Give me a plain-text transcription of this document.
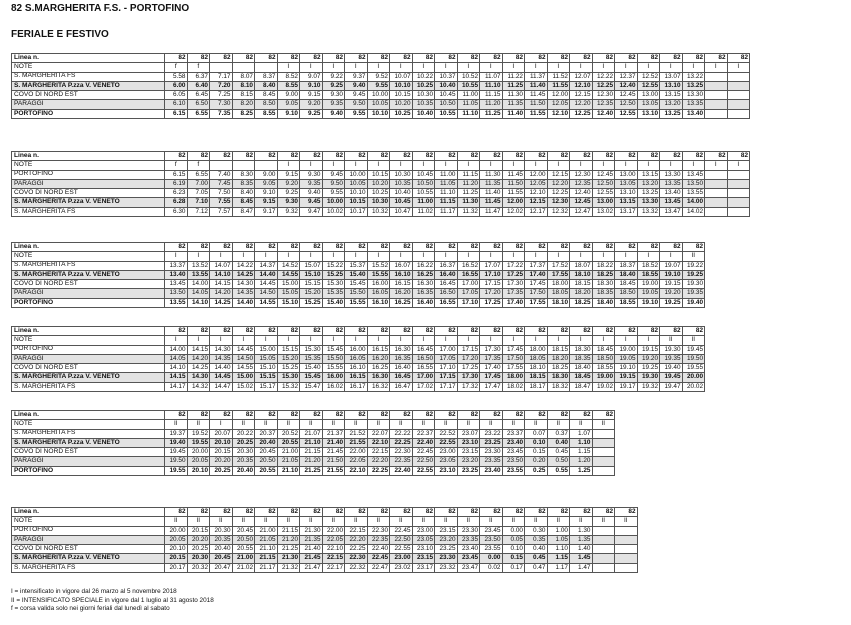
82 S.MARGHERITA F.S. - PORTOFINO
FERIALE E FESTIVO
Linea n.	82	82	82	82	82	82	82	82	82	82	82	82	82	82	82	82	82	82	82	82	82	82	82	82	82	82
NOTE	f	f				I	I	I	I	I	I	I	I	I	I	I	I	I	I	I	I	I	I	I	I	I
S. MARGHERITA FS	5.58	6.37	7.17	8.07	8.37	8.52	9.07	9.22	9.37	9.52	10.07	10.22	10.37	10.52	11.07	11.22	11.37	11.52	12.07	12.22	12.37	12.52	13.07	13.22		
S. MARGHERITA P.zza V. VENETO	6.00	6.40	7.20	8.10	8.40	8.55	9.10	9.25	9.40	9.55	10.10	10.25	10.40	10.55	11.10	11.25	11.40	11.55	12.10	12.25	12.40	12.55	13.10	13.25		
COVO DI NORD EST	6.05	6.45	7.25	8.15	8.45	9.00	9.15	9.30	9.45	10.00	10.15	10.30	10.45	11.00	11.15	11.30	11.45	12.00	12.15	12.30	12.45	13.00	13.15	13.30		
PARAGGI	6.10	6.50	7.30	8.20	8.50	9.05	9.20	9.35	9.50	10.05	10.20	10.35	10.50	11.05	11.20	11.35	11.50	12.05	12.20	12.35	12.50	13.05	13.20	13.35		
PORTOFINO	6.15	6.55	7.35	8.25	8.55	9.10	9.25	9.40	9.55	10.10	10.25	10.40	10.55	11.10	11.25	11.40	11.55	12.10	12.25	12.40	12.55	13.10	13.25	13.40		
Linea n.	82	82	82	82	82	82	82	82	82	82	82	82	82	82	82	82	82	82	82	82	82	82	82	82	82	82
NOTE	f	f				I	I	I	I	I	I	I	I	I	I	I	I	I	I	I	I	I	I	I	I	I
PORTOFINO	6.15	6.55	7.40	8.30	9.00	9.15	9.30	9.45	10.00	10.15	10.30	10.45	11.00	11.15	11.30	11.45	12.00	12.15	12.30	12.45	13.00	13.15	13.30	13.45		
PARAGGI	6.19	7.00	7.45	8.35	9.05	9.20	9.35	9.50	10.05	10.20	10.35	10.50	11.05	11.20	11.35	11.50	12.05	12.20	12.35	12.50	13.05	13.20	13.35	13.50		
COVO DI NORD EST	6.23	7.05	7.50	8.40	9.10	9.25	9.40	9.55	10.10	10.25	10.40	10.55	11.10	11.25	11.40	11.55	12.10	12.25	12.40	12.55	13.10	13.25	13.40	13.55		
S. MARGHERITA P.zza V. VENETO	6.28	7.10	7.55	8.45	9.15	9.30	9.45	10.00	10.15	10.30	10.45	11.00	11.15	11.30	11.45	12.00	12.15	12.30	12.45	13.00	13.15	13.30	13.45	14.00		
S. MARGHERITA FS	6.30	7.12	7.57	8.47	9.17	9.32	9.47	10.02	10.17	10.32	10.47	11.02	11.17	11.32	11.47	12.02	12.17	12.32	12.47	13.02	13.17	13.32	13.47	14.02		
Linea n.	82	82	82	82	82	82	82	82	82	82	82	82	82	82	82	82	82	82	82	82	82	82	82	82
NOTE	I	I	I	I	I	I	I	I	I	I	I	I	I	I	I	I	I	I	I	I	I	I	I	II
S. MARGHERITA FS	13.37	13.52	14.07	14.22	14.37	14.52	15.07	15.22	15.37	15.52	16.07	16.22	16.37	16.52	17.07	17.22	17.37	17.52	18.07	18.22	18.37	18.52	19.07	19.22
S. MARGHERITA P.zza V. VENETO	13.40	13.55	14.10	14.25	14.40	14.55	15.10	15.25	15.40	15.55	16.10	16.25	16.40	16.55	17.10	17.25	17.40	17.55	18.10	18.25	18.40	18.55	19.10	19.25
COVO DI NORD EST	13.45	14.00	14.15	14.30	14.45	15.00	15.15	15.30	15.45	16.00	16.15	16.30	16.45	17.00	17.15	17.30	17.45	18.00	18.15	18.30	18.45	19.00	19.15	19.30
PARAGGI	13.50	14.05	14.20	14.35	14.50	15.05	15.20	15.35	15.50	16.05	16.20	16.35	16.50	17.05	17.20	17.35	17.50	18.05	18.20	18.35	18.50	19.05	19.20	19.35
PORTOFINO	13.55	14.10	14.25	14.40	14.55	15.10	15.25	15.40	15.55	16.10	16.25	16.40	16.55	17.10	17.25	17.40	17.55	18.10	18.25	18.40	18.55	19.10	19.25	19.40
Linea n.	82	82	82	82	82	82	82	82	82	82	82	82	82	82	82	82	82	82	82	82	82	82	82	82
NOTE	I	I	I	I	I	I	I	I	I	I	I	I	I	I	I	I	I	I	I	I	I	I	II	II
PORTOFINO	14.00	14.15	14.30	14.45	15.00	15.15	15.30	15.45	16.00	16.15	16.30	16.45	17.00	17.15	17.30	17.45	18.00	18.15	18.30	18.45	19.00	19.15	19.30	19.45
PARAGGI	14.05	14.20	14.35	14.50	15.05	15.20	15.35	15.50	16.05	16.20	16.35	16.50	17.05	17.20	17.35	17.50	18.05	18.20	18.35	18.50	19.05	19.20	19.35	19.50
COVO DI NORD EST	14.10	14.25	14.40	14.55	15.10	15.25	15.40	15.55	16.10	16.25	16.40	16.55	17.10	17.25	17.40	17.55	18.10	18.25	18.40	18.55	19.10	19.25	19.40	19.55
S. MARGHERITA P.zza V. VENETO	14.15	14.30	14.45	15.00	15.15	15.30	15.45	16.00	16.15	16.30	16.45	17.00	17.15	17.30	17.45	18.00	18.15	18.30	18.45	19.00	19.15	19.30	19.45	20.00
S. MARGHERITA FS	14.17	14.32	14.47	15.02	15.17	15.32	15.47	16.02	16.17	16.32	16.47	17.02	17.17	17.32	17.47	18.02	18.17	18.32	18.47	19.02	19.17	19.32	19.47	20.02
Linea n.	82	82	82	82	82	82	82	82	82	82	82	82	82	82	82	82	82	82	82	82
NOTE	II	II	I	II	II	II	II	II	II	II	II	II	II	II	II	II	II	II	II	II
S. MARGHERITA FS	19.37	19.52	20.07	20.22	20.37	20.52	21.07	21.37	21.52	22.07	22.22	22.37	22.52	23.07	23.22	23.37	0.07	0.37	1.07	
S. MARGHERITA P.zza V. VENETO	19.40	19.55	20.10	20.25	20.40	20.55	21.10	21.40	21.55	22.10	22.25	22.40	22.55	23.10	23.25	23.40	0.10	0.40	1.10	
COVO DI NORD EST	19.45	20.00	20.15	20.30	20.45	21.00	21.15	21.45	22.00	22.15	22.30	22.45	23.00	23.15	23.30	23.45	0.15	0.45	1.15	
PARAGGI	19.50	20.05	20.20	20.35	20.50	21.05	21.20	21.50	22.05	22.20	22.35	22.50	23.05	23.20	23.35	23.50	0.20	0.50	1.20	
PORTOFINO	19.55	20.10	20.25	20.40	20.55	21.10	21.25	21.55	22.10	22.25	22.40	22.55	23.10	23.25	23.40	23.55	0.25	0.55	1.25	
Linea n.	82	82	82	82	82	82	82	82	82	82	82	82	82	82	82	82	82	82	82	82	82
NOTE	II	II	II	II	II	II	II	II	II	II	II	II	II	II	II	II	II	II	II	II	II
PORTOFINO	20.00	20.15	20.30	20.45	21.00	21.15	21.30	22.00	22.15	22.30	22.45	23.00	23.15	23.30	23.45	0.00	0.30	1.00	1.30		
PARAGGI	20.05	20.20	20.35	20.50	21.05	21.20	21.35	22.05	22.20	22.35	22.50	23.05	23.20	23.35	23.50	0.05	0.35	1.05	1.35		
COVO DI NORD EST	20.10	20.25	20.40	20.55	21.10	21.25	21.40	22.10	22.25	22.40	22.55	23.10	23.25	23.40	23.55	0.10	0.40	1.10	1.40		
S. MARGHERITA P.zza V. VENETO	20.15	20.30	20.45	21.00	21.15	21.30	21.45	22.15	22.30	22.45	23.00	23.15	23.30	23.45	0.00	0.15	0.45	1.15	1.45		
S. MARGHERITA FS	20.17	20.32	20.47	21.02	21.17	21.32	21.47	22.17	22.32	22.47	23.02	23.17	23.32	23.47	0.02	0.17	0.47	1.17	1.47		
I = intensificato in vigore dal 26 marzo al 5 novembre 2018
II = INTENSIFICATO SPECIALE in vigore dal 1 luglio al 31 agosto 2018
f = corsa valida solo nei giorni feriali dal lunedì al sabato
